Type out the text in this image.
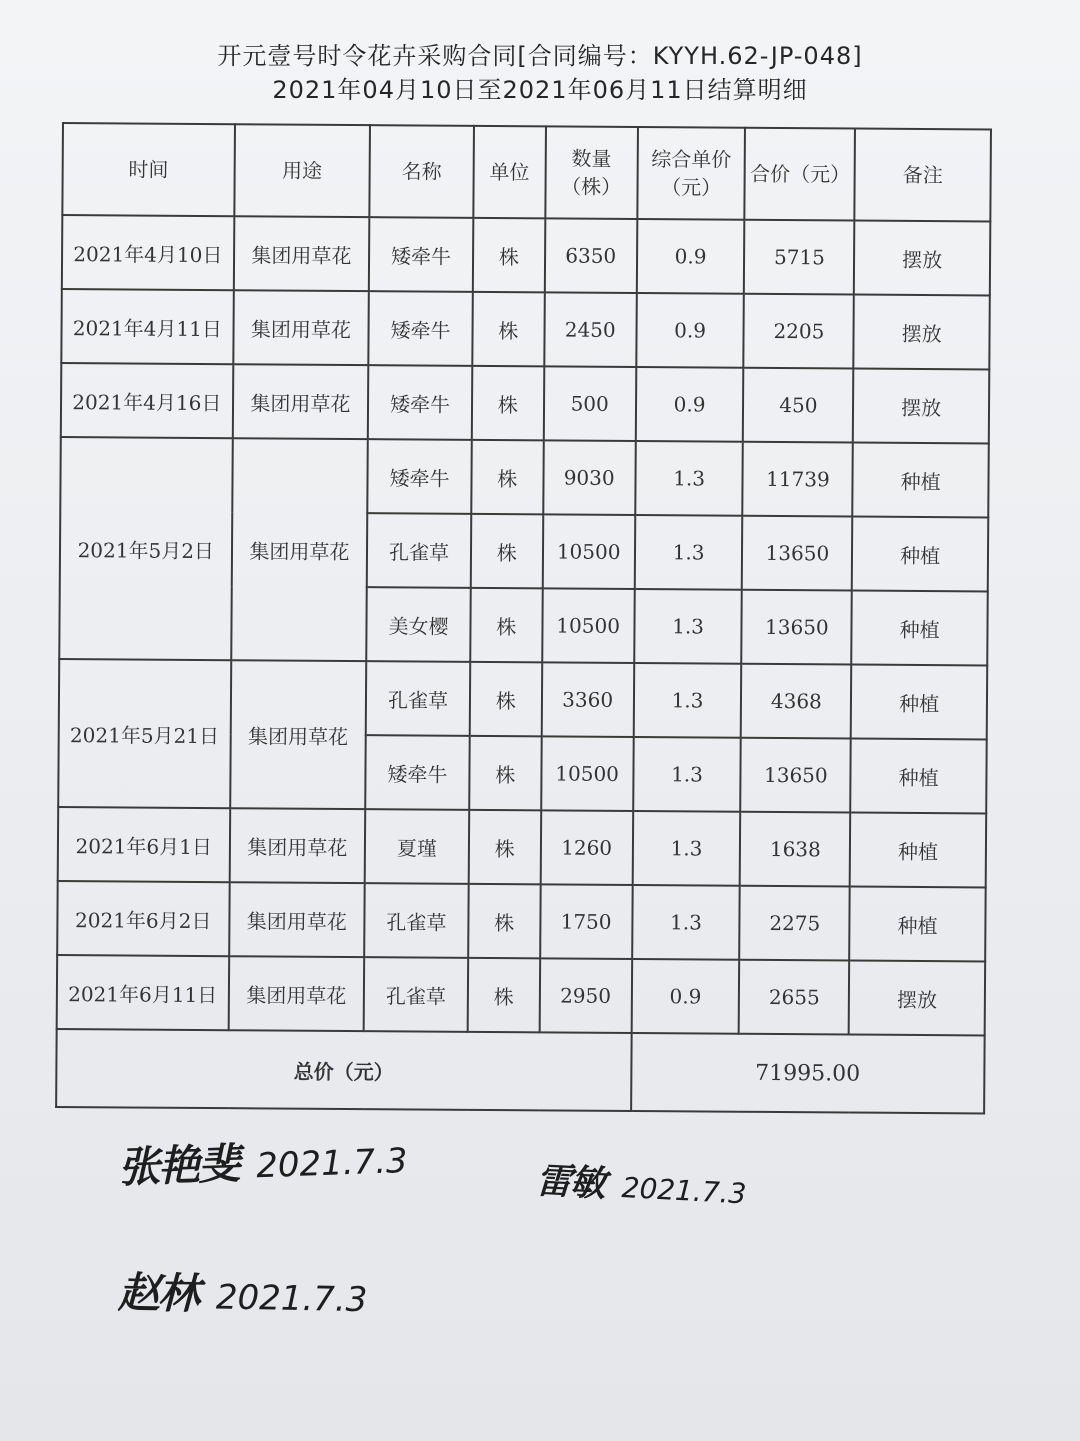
开元壹号时令花卉采购合同[合同编号：KYYH.62-JP-048]
2021年04月10日至2021年06月11日结算明细
时间	用途	名称	单位	数量（株）	综合单价（元）	合价（元）	备注
2021年4月10日	集团用草花	矮牵牛	株	6350	0.9	5715	摆放
2021年4月11日	集团用草花	矮牵牛	株	2450	0.9	2205	摆放
2021年4月16日	集团用草花	矮牵牛	株	500	0.9	450	摆放
2021年5月2日	集团用草花	矮牵牛	株	9030	1.3	11739	种植
		孔雀草	株	10500	1.3	13650	种植
		美女樱	株	10500	1.3	13650	种植
2021年5月21日	集团用草花	孔雀草	株	3360	1.3	4368	种植
		矮牵牛	株	10500	1.3	13650	种植
2021年6月1日	集团用草花	夏瑾	株	1260	1.3	1638	种植
2021年6月2日	集团用草花	孔雀草	株	1750	1.3	2275	种植
2021年6月11日	集团用草花	孔雀草	株	2950	0.9	2655	摆放
总价（元）					71995.00		
张艳斐 2021.7.3	雷敏 2021.7.3
赵林 2021.7.3
